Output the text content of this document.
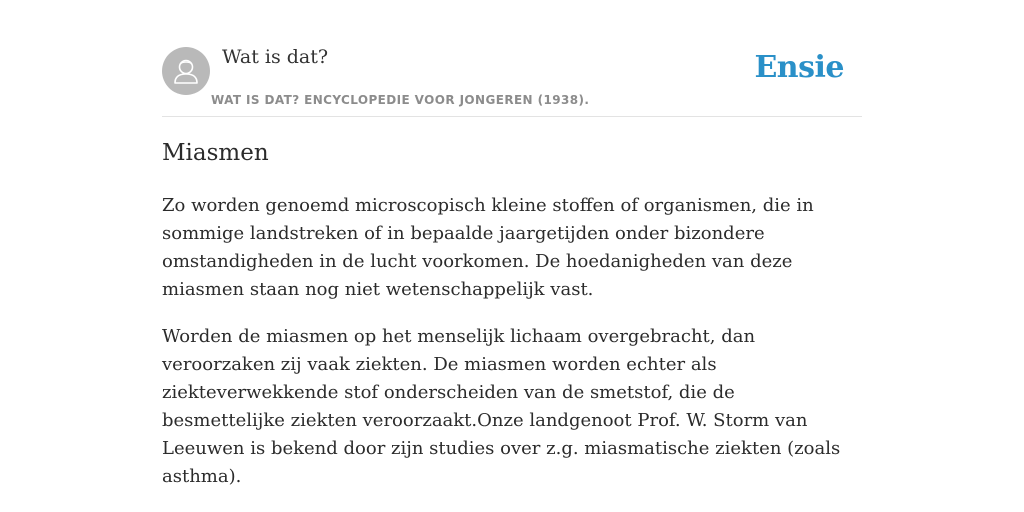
Wat is dat?
WAT IS DAT? ENCYCLOPEDIE VOOR JONGEREN (1938).
Ensie
Miasmen

Zo worden genoemd microscopisch kleine stoffen of organismen, die in sommige landstreken of in bepaalde jaargetijden onder bizondere omstandigheden in de lucht voorkomen. De hoedanigheden van deze miasmen staan nog niet wetenschappelijk vast.

Worden de miasmen op het menselijk lichaam overgebracht, dan veroorzaken zij vaak ziekten. De miasmen worden echter als ziekteverwekkende stof onderscheiden van de smetstof, die de besmettelijke ziekten veroorzaakt.Onze landgenoot Prof. W. Storm van Leeuwen is bekend door zijn studies over z.g. miasmatische ziekten (zoals asthma).
